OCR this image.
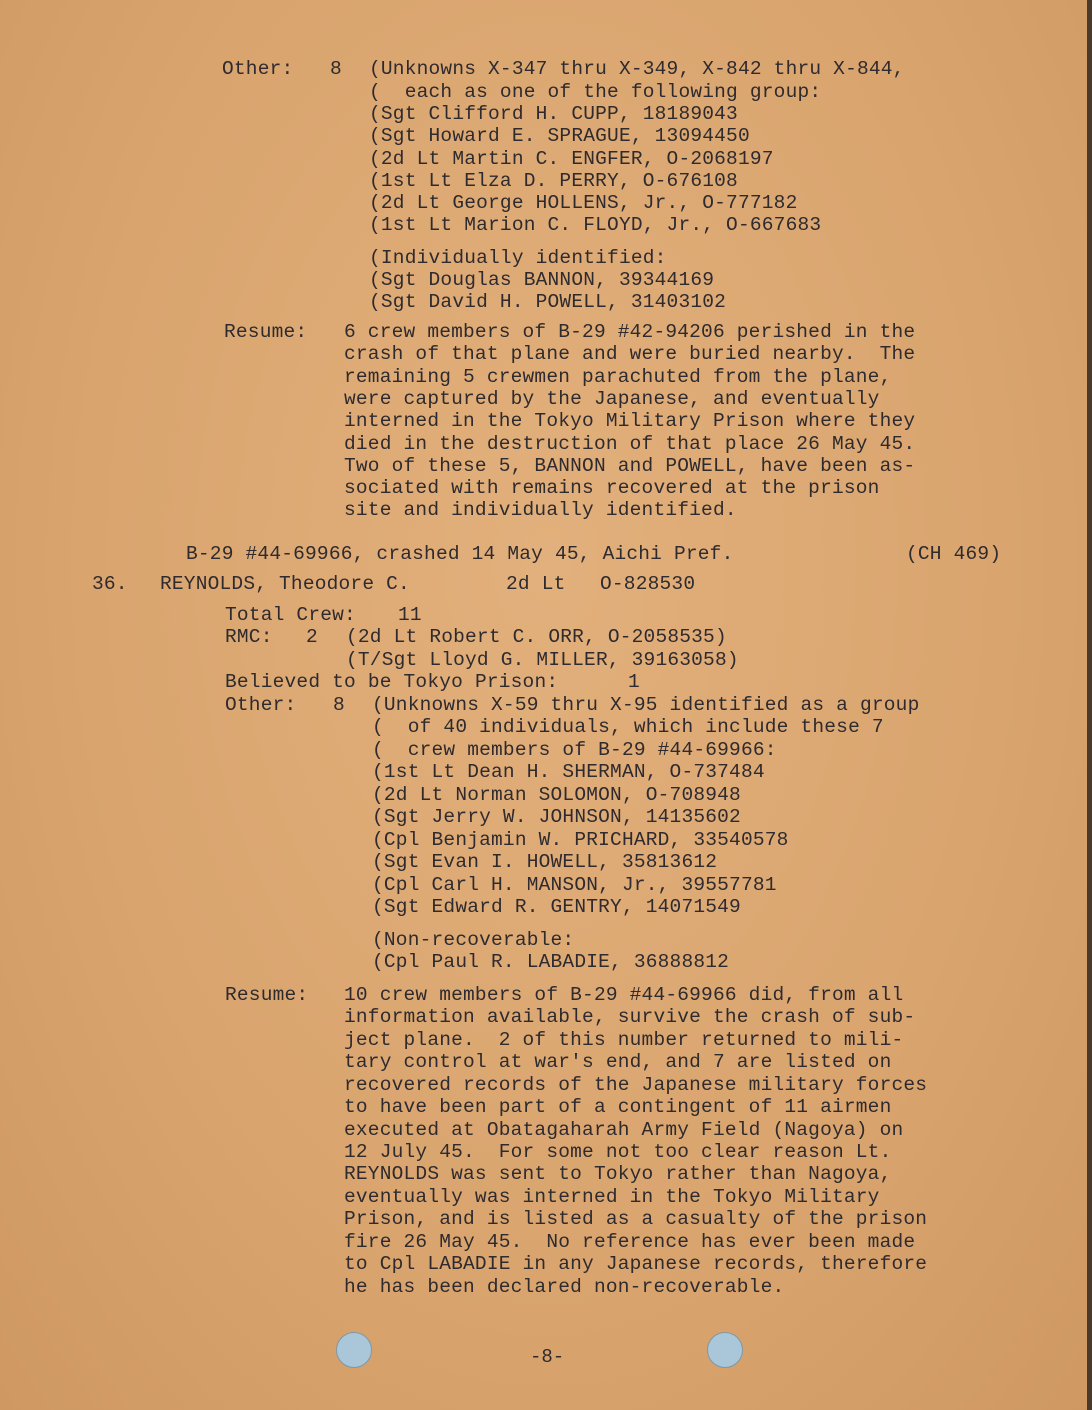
Other: 8 (Unknowns X-347 thru X-349, X-842 thru X-844,
(  each as one of the following group:
(Sgt Clifford H. CUPP, 18189043
(Sgt Howard E. SPRAGUE, 13094450
(2d Lt Martin C. ENGFER, O-2068197
(1st Lt Elza D. PERRY, O-676108
(2d Lt George HOLLENS, Jr., O-777182
(1st Lt Marion C. FLOYD, Jr., O-667683
(Individually identified:
(Sgt Douglas BANNON, 39344169
(Sgt David H. POWELL, 31403102
Resume: 6 crew members of B-29 #42-94206 perished in the
crash of that plane and were buried nearby.  The
remaining 5 crewmen parachuted from the plane,
were captured by the Japanese, and eventually
interned in the Tokyo Military Prison where they
died in the destruction of that place 26 May 45.
Two of these 5, BANNON and POWELL, have been as-
sociated with remains recovered at the prison
site and individually identified.
B-29 #44-69966, crashed 14 May 45, Aichi Pref.	(CH 469)
36. REYNOLDS, Theodore C.	2d Lt O-828530
Total Crew: 11
RMC: 2 (2d Lt Robert C. ORR, O-2058535)
(T/Sgt Lloyd G. MILLER, 39163058)
Believed to be Tokyo Prison:	1
Other: 8 (Unknowns X-59 thru X-95 identified as a group
(  of 40 individuals, which include these 7
(  crew members of B-29 #44-69966:
(1st Lt Dean H. SHERMAN, O-737484
(2d Lt Norman SOLOMON, O-708948
(Sgt Jerry W. JOHNSON, 14135602
(Cpl Benjamin W. PRICHARD, 33540578
(Sgt Evan I. HOWELL, 35813612
(Cpl Carl H. MANSON, Jr., 39557781
(Sgt Edward R. GENTRY, 14071549
(Non-recoverable:
(Cpl Paul R. LABADIE, 36888812
Resume: 10 crew members of B-29 #44-69966 did, from all
information available, survive the crash of sub-
ject plane.  2 of this number returned to mili-
tary control at war's end, and 7 are listed on
recovered records of the Japanese military forces
to have been part of a contingent of 11 airmen
executed at Obatagaharah Army Field (Nagoya) on
12 July 45.  For some not too clear reason Lt.
REYNOLDS was sent to Tokyo rather than Nagoya,
eventually was interned in the Tokyo Military
Prison, and is listed as a casualty of the prison
fire 26 May 45.  No reference has ever been made
to Cpl LABADIE in any Japanese records, therefore
he has been declared non-recoverable.
-8-
